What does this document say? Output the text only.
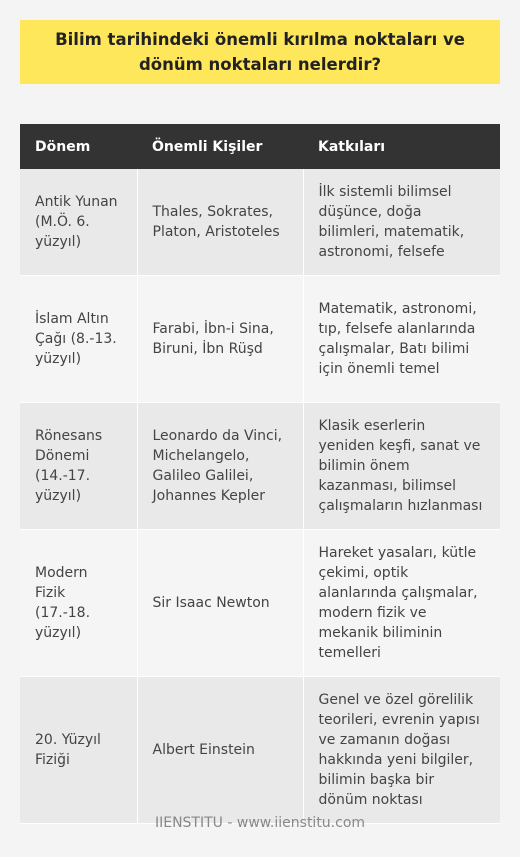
Bilim tarihindeki önemli kırılma noktaları ve dönüm noktaları nelerdir?
Dönem	Önemli Kişiler	Katkıları
Antik Yunan (M.Ö. 6. yüzyıl)	Thales, Sokrates, Platon, Aristoteles	İlk sistemli bilimsel düşünce, doğa bilimleri, matematik, astronomi, felsefe
İslam Altın Çağı (8.-13. yüzyıl)	Farabi, İbn-i Sina, Biruni, İbn Rüşd	Matematik, astronomi, tıp, felsefe alanlarında çalışmalar, Batı bilimi için önemli temel
Rönesans Dönemi (14.-17. yüzyıl)	Leonardo da Vinci, Michelangelo, Galileo Galilei, Johannes Kepler	Klasik eserlerin yeniden keşfi, sanat ve bilimin önem kazanması, bilimsel çalışmaların hızlanması
Modern Fizik (17.-18. yüzyıl)	Sir Isaac Newton	Hareket yasaları, kütle çekimi, optik alanlarında çalışmalar, modern fizik ve mekanik biliminin temelleri
20. Yüzyıl Fiziği	Albert Einstein	Genel ve özel görelilik teorileri, evrenin yapısı ve zamanın doğası hakkında yeni bilgiler, bilimin başka bir dönüm noktası
IIENSTITU - www.iienstitu.com
